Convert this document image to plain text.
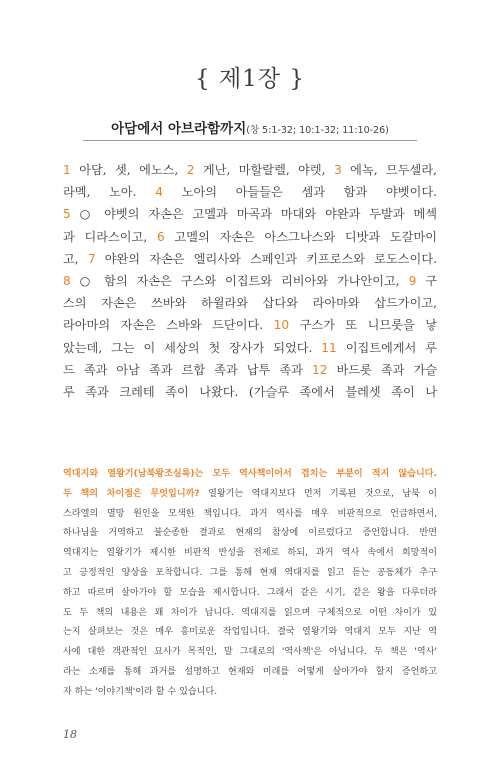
{ 제1장 }
아담에서 아브라함까지(창 5:1-32; 10:1-32; 11:10-26)
1 아담, 셋, 에노스, 2 게난, 마할랄렐, 야렛, 3 에녹, 므두셀라,
라멕, 노아. 4 노아의 아들들은 셈과 함과 야벳이다.
5 ○ 야벳의 자손은 고멜과 마곡과 마대와 야완과 두발과 메섹
과 디라스이고, 6 고멜의 자손은 아스그나스와 디밧과 도갈마이
고, 7 야완의 자손은 엘리사와 스페인과 키프로스와 로도스이다.
8 ○ 함의 자손은 구스와 이집트와 리비아와 가나안이고, 9 구
스의 자손은 쓰바와 하윌라와 삽다와 라아마와 삽드가이고,
라아마의 자손은 스바와 드단이다. 10 구스가 또 니므롯을 낳
았는데, 그는 이 세상의 첫 장사가 되었다. 11 이집트에게서 루
드 족과 아남 족과 르합 족과 납투 족과 12 바드롯 족과 가슬
루 족과 크레테 족이 나왔다. (가슬루 족에서 블레셋 족이 나
역대지와 열왕기(남북왕조실록)는 모두 역사책이어서 겹치는 부분이 적지 않습니다.
두 책의 차이점은 무엇입니까? 열왕기는 역대지보다 먼저 기록된 것으로, 남북 이
스라엘의 멸망 원인을 모색한 책입니다. 과거 역사를 매우 비판적으로 언급하면서,
하나님을 거역하고 불순종한 결과로 현재의 참상에 이르렀다고 증언합니다. 반면
역대지는 열왕기가 제시한 비판적 반성을 전제로 하되, 과거 역사 속에서 희망적이
고 긍정적인 양상을 포착합니다. 그를 통해 현재 역대지를 읽고 듣는 공동체가 추구
하고 따르며 살아가야 할 모습을 제시합니다. 그래서 같은 시기, 같은 왕을 다루더라
도 두 책의 내용은 꽤 차이가 납니다. 역대지를 읽으며 구체적으로 어떤 차이가 있
는지 살펴보는 것은 매우 흥미로운 작업입니다. 결국 열왕기와 역대지 모두 지난 역
사에 대한 객관적인 묘사가 목적인, 말 그대로의 '역사책'은 아닙니다. 두 책은 '역사'
라는 소재를 통해 과거를 설명하고 현재와 미래를 어떻게 살아가야 할지 증언하고
자 하는 '이야기책'이라 할 수 있습니다.
18
